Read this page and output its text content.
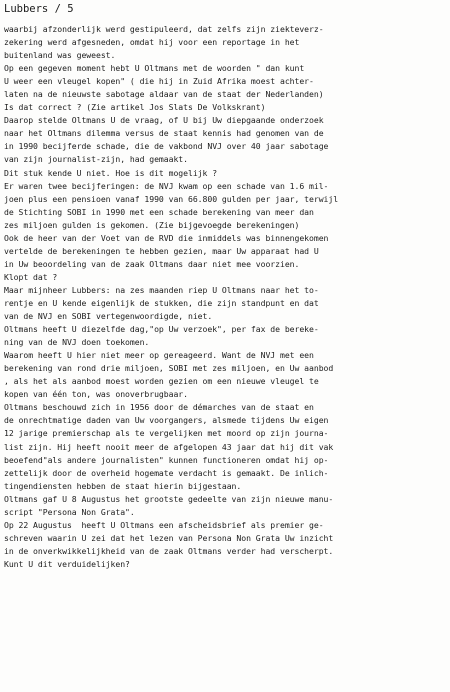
Lubbers / 5
waarbij afzonderlijk werd gestipuleerd, dat zelfs zijn ziekteverz-
zekering werd afgesneden, omdat hij voor een reportage in het
buitenland was geweest.
Op een gegeven moment hebt U Oltmans met de woorden " dan kunt
U weer een vleugel kopen" ( die hij in Zuid Afrika moest achter-
laten na de nieuwste sabotage aldaar van de staat der Nederlanden)
Is dat correct ? (Zie artikel Jos Slats De Volkskrant)
Daarop stelde Oltmans U de vraag, of U bij Uw diepgaande onderzoek
naar het Oltmans dilemma versus de staat kennis had genomen van de
in 1990 becijferde schade, die de vakbond NVJ over 40 jaar sabotage
van zijn journalist-zijn, had gemaakt.
Dit stuk kende U niet. Hoe is dit mogelijk ?
Er waren twee becijferingen: de NVJ kwam op een schade van 1.6 mil-
joen plus een pensioen vanaf 1990 van 66.800 gulden per jaar, terwijl
de Stichting SOBI in 1990 met een schade berekening van meer dan
zes miljoen gulden is gekomen. (Zie bijgevoegde berekeningen)
Ook de heer van der Voet van de RVD die inmiddels was binnengekomen
vertelde de berekeningen te hebben gezien, maar Uw apparaat had U
in Uw beoordeling van de zaak Oltmans daar niet mee voorzien.
Klopt dat ?
Maar mijnheer Lubbers: na zes maanden riep U Oltmans naar het to-
rentje en U kende eigenlijk de stukken, die zijn standpunt en dat
van de NVJ en SOBI vertegenwoordigde, niet.
Oltmans heeft U diezelfde dag,"op Uw verzoek", per fax de bereke-
ning van de NVJ doen toekomen.
Waarom heeft U hier niet meer op gereageerd. Want de NVJ met een
berekening van rond drie miljoen, SOBI met zes miljoen, en Uw aanbod
, als het als aanbod moest worden gezien om een nieuwe vleugel te
kopen van één ton, was onoverbrugbaar.
Oltmans beschouwd zich in 1956 door de démarches van de staat en
de onrechtmatige daden van Uw voorgangers, alsmede tijdens Uw eigen
12 jarige premierschap als te vergelijken met moord op zijn journa-
list zijn. Hij heeft nooit meer de afgelopen 43 jaar dat hij dit vak
beoefend"als andere journalisten" kunnen functioneren omdat hij op-
zettelijk door de overheid hogemate verdacht is gemaakt. De inlich-
tingendiensten hebben de staat hierin bijgestaan.
Oltmans gaf U 8 Augustus het grootste gedeelte van zijn nieuwe manu-
script "Persona Non Grata".
Op 22 Augustus  heeft U Oltmans een afscheidsbrief als premier ge-
schreven waarin U zei dat het lezen van Persona Non Grata Uw inzicht
in de onverkwikkelijkheid van de zaak Oltmans verder had verscherpt.
Kunt U dit verduidelijken?
